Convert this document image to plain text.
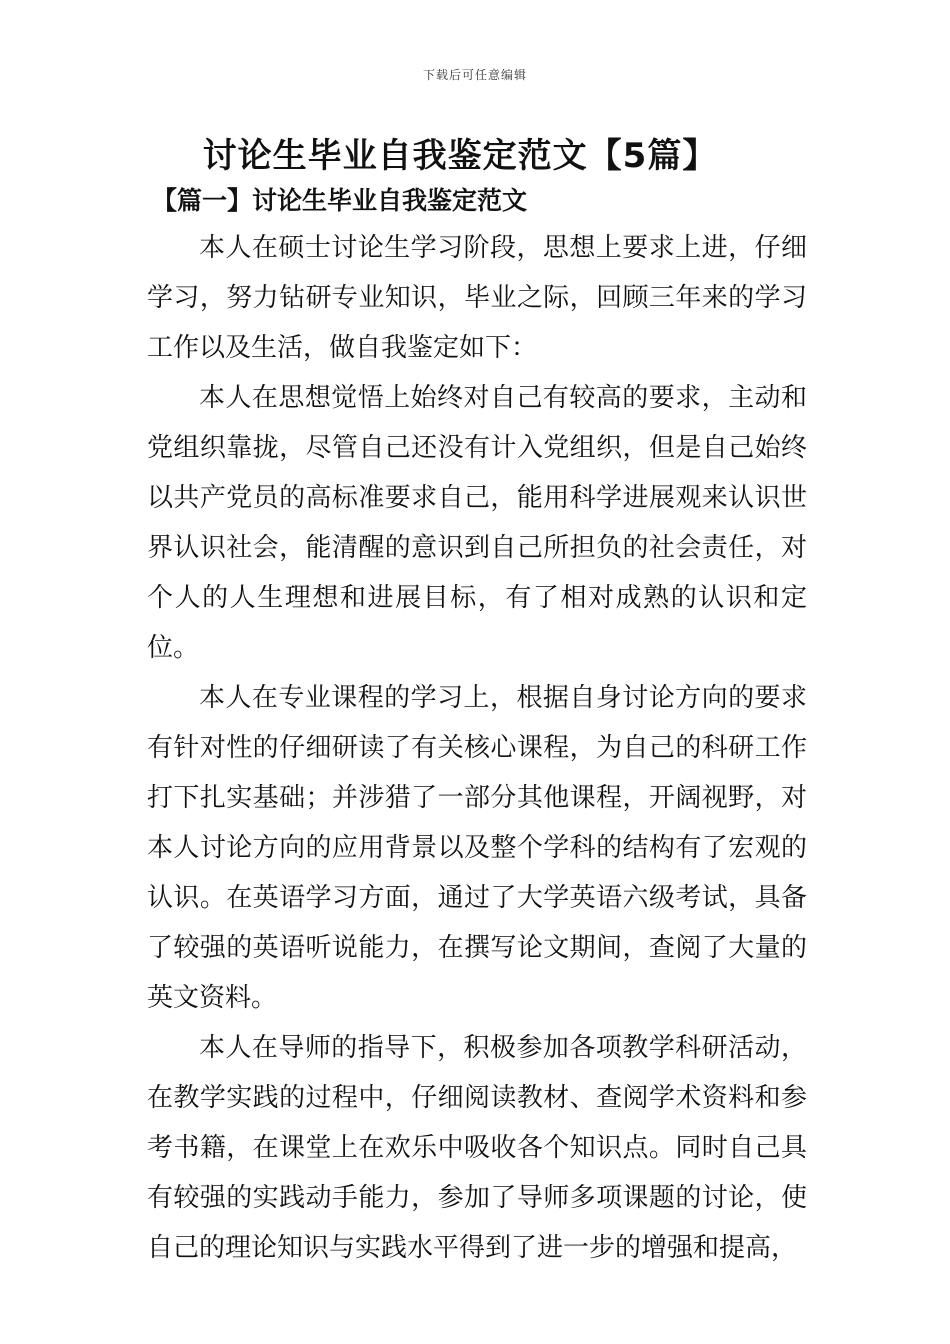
下载后可任意编辑
讨论生毕业自我鉴定范文【5篇】
【篇一】讨论生毕业自我鉴定范文

本人在硕士讨论生学习阶段，思想上要求上进，仔细学习，努力钻研专业知识，毕业之际，回顾三年来的学习工作以及生活，做自我鉴定如下：

本人在思想觉悟上始终对自己有较高的要求，主动和党组织靠拢，尽管自己还没有计入党组织，但是自己始终以共产党员的高标准要求自己，能用科学进展观来认识世界认识社会，能清醒的意识到自己所担负的社会责任，对个人的人生理想和进展目标，有了相对成熟的认识和定位。

本人在专业课程的学习上，根据自身讨论方向的要求有针对性的仔细研读了有关核心课程，为自己的科研工作打下扎实基础；并涉猎了一部分其他课程，开阔视野，对本人讨论方向的应用背景以及整个学科的结构有了宏观的认识。在英语学习方面，通过了大学英语六级考试，具备了较强的英语听说能力，在撰写论文期间，查阅了大量的英文资料。

本人在导师的指导下，积极参加各项教学科研活动，在教学实践的过程中，仔细阅读教材、查阅学术资料和参考书籍，在课堂上在欢乐中吸收各个知识点。同时自己具有较强的实践动手能力，参加了导师多项课题的讨论，使自己的理论知识与实践水平得到了进一步的增强和提高，
